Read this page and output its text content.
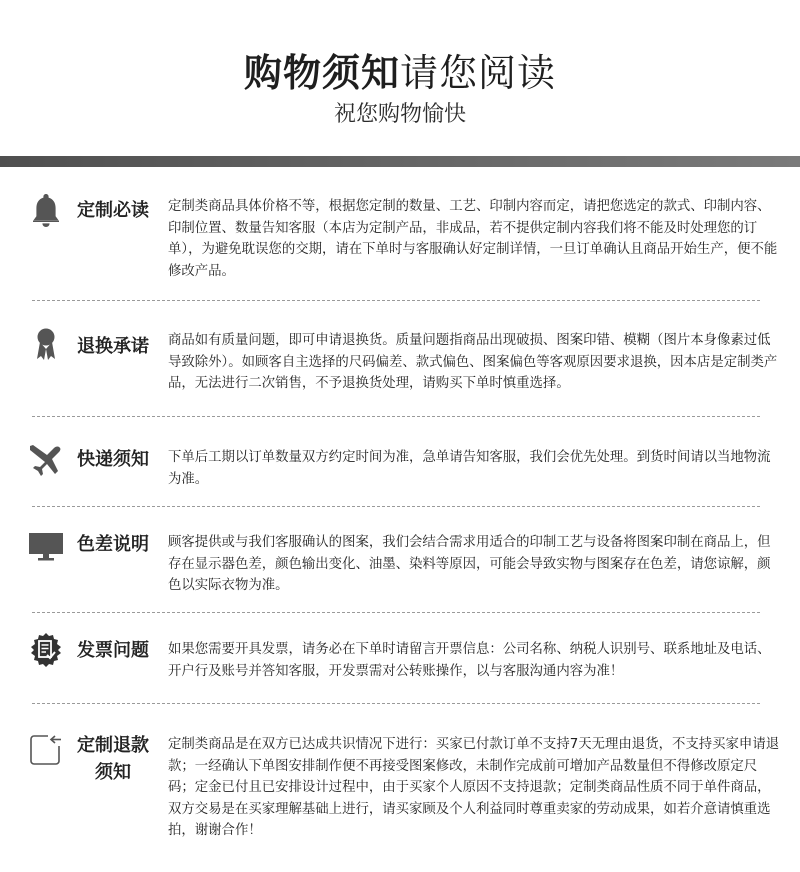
购物须知请您阅读
祝您购物愉快
定制必读	定制类商品具体价格不等，根据您定制的数量、工艺、印制内容而定，请把您选定的款式、印制内容、印制位置、数量告知客服（本店为定制产品，非成品，若不提供定制内容我们将不能及时处理您的订单），为避免耽误您的交期，请在下单时与客服确认好定制详情，一旦订单确认且商品开始生产，便不能修改产品。
退换承诺	商品如有质量问题，即可申请退换货。质量问题指商品出现破损、图案印错、模糊（图片本身像素过低导致除外）。如顾客自主选择的尺码偏差、款式偏色、图案偏色等客观原因要求退换，因本店是定制类产品，无法进行二次销售，不予退换货处理，请购买下单时慎重选择。
快递须知	下单后工期以订单数量双方约定时间为准，急单请告知客服，我们会优先处理。到货时间请以当地物流为准。
色差说明	顾客提供或与我们客服确认的图案，我们会结合需求用适合的印制工艺与设备将图案印制在商品上，但存在显示器色差，颜色输出变化、油墨、染料等原因，可能会导致实物与图案存在色差，请您谅解，颜色以实际衣物为准。
发票问题	如果您需要开具发票，请务必在下单时请留言开票信息：公司名称、纳税人识别号、联系地址及电话、开户行及账号并答知客服，开发票需对公转账操作，以与客服沟通内容为准！
定制退款
须知
定制类商品是在双方已达成共识情况下进行：买家已付款订单不支持7天无理由退货，不支持买家申请退款；一经确认下单图安排制作便不再接受图案修改，未制作完成前可增加产品数量但不得修改原定尺码；定金已付且已安排设计过程中，由于买家个人原因不支持退款；定制类商品性质不同于单件商品，双方交易是在买家理解基础上进行，请买家顾及个人利益同时尊重卖家的劳动成果，如若介意请慎重选拍，谢谢合作！
